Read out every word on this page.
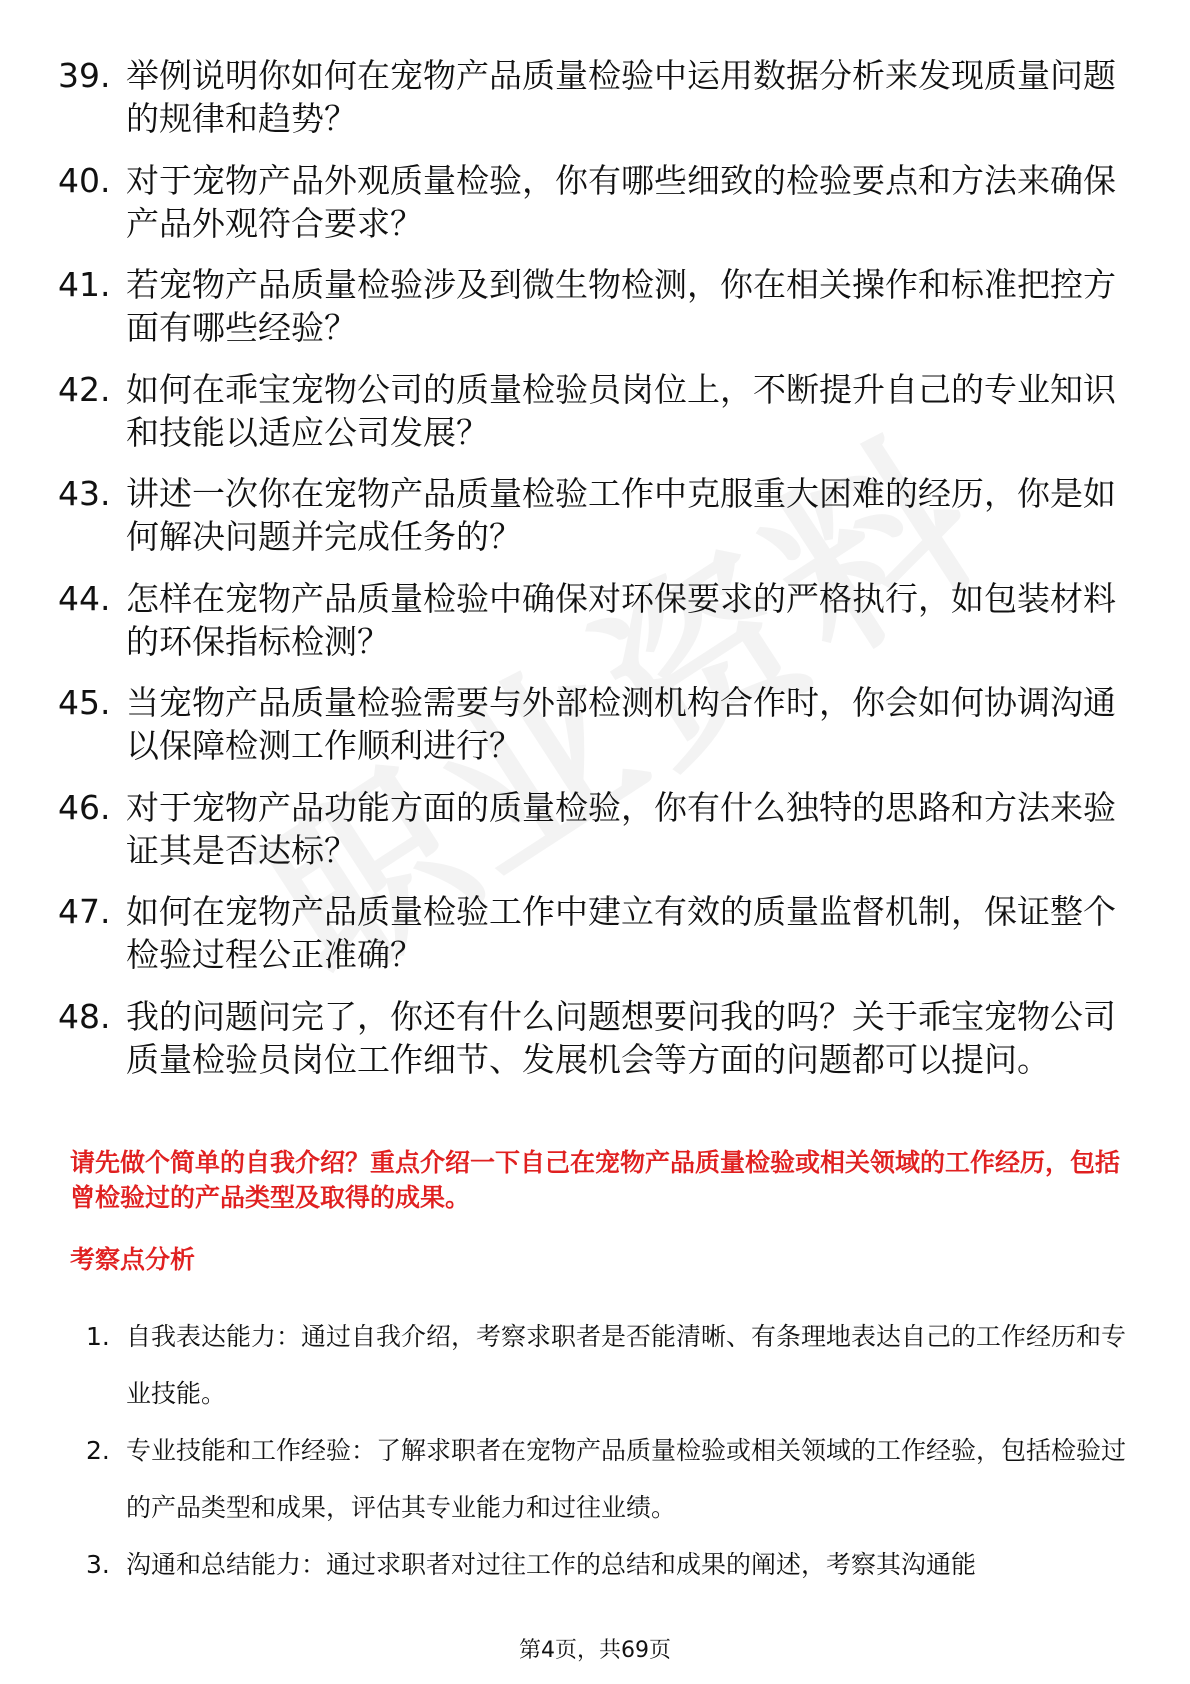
39. 举例说明你如何在宠物产品质量检验中运用数据分析来发现质量问题的规律和趋势？
40. 对于宠物产品外观质量检验，你有哪些细致的检验要点和方法来确保产品外观符合要求？
41. 若宠物产品质量检验涉及到微生物检测，你在相关操作和标准把控方面有哪些经验？
42. 如何在乖宝宠物公司的质量检验员岗位上，不断提升自己的专业知识和技能以适应公司发展？
43. 讲述一次你在宠物产品质量检验工作中克服重大困难的经历，你是如何解决问题并完成任务的？
44. 怎样在宠物产品质量检验中确保对环保要求的严格执行，如包装材料的环保指标检测？
45. 当宠物产品质量检验需要与外部检测机构合作时，你会如何协调沟通以保障检测工作顺利进行？
46. 对于宠物产品功能方面的质量检验，你有什么独特的思路和方法来验证其是否达标？
47. 如何在宠物产品质量检验工作中建立有效的质量监督机制，保证整个检验过程公正准确？
48. 我的问题问完了，你还有什么问题想要问我的吗？关于乖宝宠物公司质量检验员岗位工作细节、发展机会等方面的问题都可以提问。
请先做个简单的自我介绍？重点介绍一下自己在宠物产品质量检验或相关领域的工作经历，包括曾检验过的产品类型及取得的成果。
考察点分析
1. 自我表达能力：通过自我介绍，考察求职者是否能清晰、有条理地表达自己的工作经历和专业技能。
2. 专业技能和工作经验：了解求职者在宠物产品质量检验或相关领域的工作经验，包括检验过的产品类型和成果，评估其专业能力和过往业绩。
3. 沟通和总结能力：通过求职者对过往工作的总结和成果的阐述，考察其沟通能
第4页，共69页
